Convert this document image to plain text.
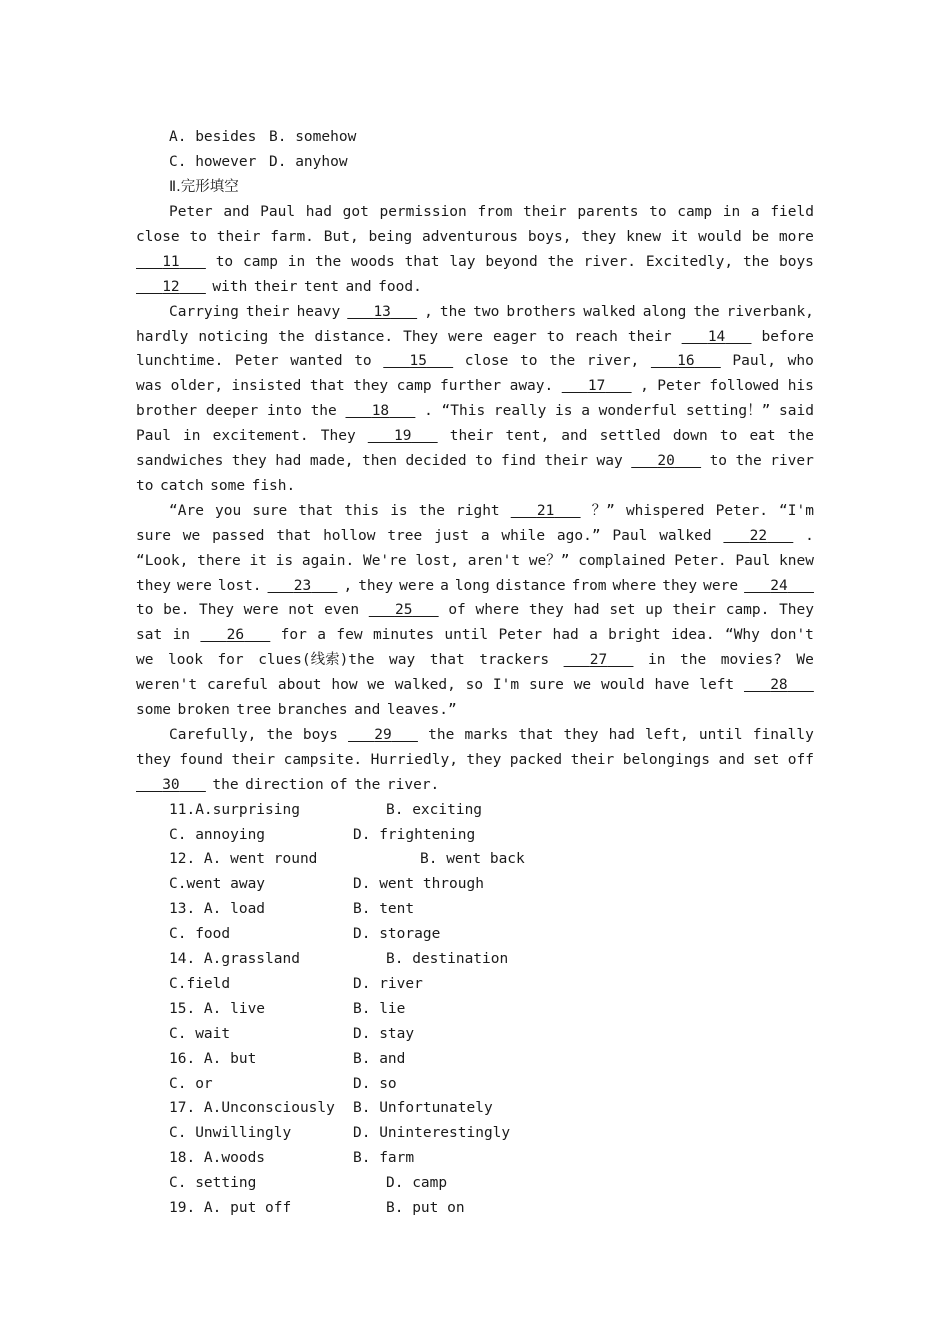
A. besides B. somehow
C. however D. anyhow
Ⅱ.完形填空
Peter and Paul had got permission from their parents to camp in a field
close to their farm. But, being adventurous boys, they knew it would be more
11	to camp in the woods that lay beyond the river. Excitedly, the boys
12	with their tent and food.
Carrying their heavy	13	, the two brothers walked along the riverbank,
hardly noticing the distance. They were eager to reach their	14	before
lunchtime. Peter wanted to	15	close to the river,	16	Paul, who
was older, insisted that they camp further away.	17	, Peter followed his
brother deeper into the	18	. “This really is a wonderful setting！” said
Paul in excitement. They	19	their tent, and settled down to eat the
sandwiches they had made, then decided to find their way	20	to the river
to catch some fish.
“Are you sure that this is the right	21	？” whispered Peter. “I'm
sure we passed that hollow tree just a while ago.” Paul walked	22	.
“Look, there it is again. We're lost, aren't we？” complained Peter. Paul knew
they were lost.	23	, they were a long distance from where they were	24
to be. They were not even	25	of where they had set up their camp. They
sat in	26	for a few minutes until Peter had a bright idea. “Why don't
we look for clues(线索)the way that trackers	27	in the movies? We
weren't careful about how we walked, so I'm sure we would have left	28
some broken tree branches and leaves.”
Carefully, the boys	29	the marks that they had left, until finally
they found their campsite. Hurriedly, they packed their belongings and set off
30	the direction of the river.
11.A.surprising	B. exciting
C. annoying	D. frightening
12. A. went round	B. went back
C.went away	D. went through
13. A. load	B. tent
C. food	D. storage
14. A.grassland	B. destination
C.field	D. river
15. A. live	B. lie
C. wait	D. stay
16. A. but	B. and
C. or	D. so
17. A.Unconsciously B. Unfortunately
C. Unwillingly	D. Uninterestingly
18. A.woods	B. farm
C. setting	D. camp
19. A. put off	B. put on
